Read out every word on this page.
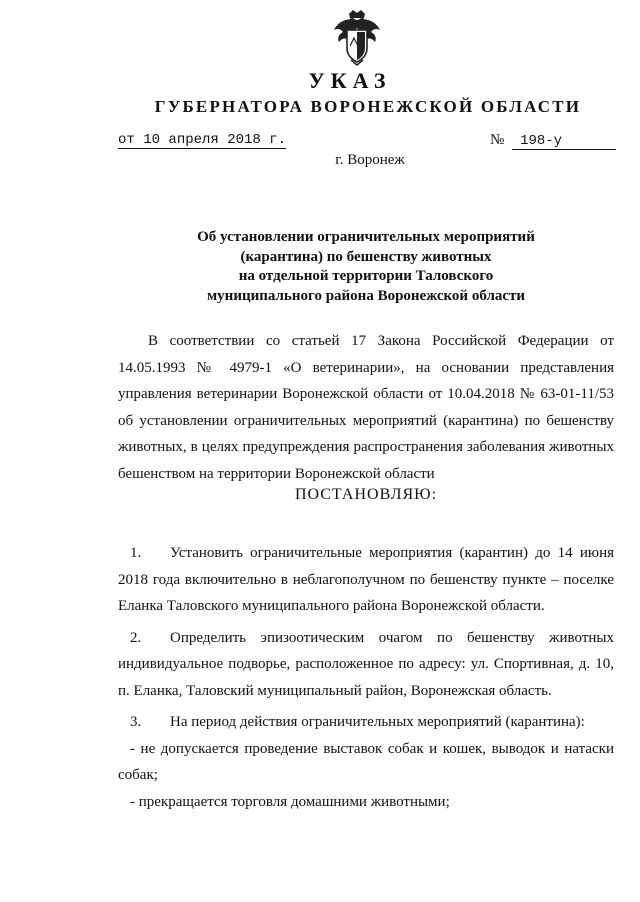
УКАЗ
ГУБЕРНАТОРА ВОРОНЕЖСКОЙ ОБЛАСТИ
от 10 апреля 2018 г.	№ 198-у
г. Воронеж
Об установлении ограничительных мероприятий
(карантина) по бешенству животных
на отдельной территории Таловского
муниципального района Воронежской области

В соответствии со статьей 17 Закона Российской Федерации от 14.05.1993 № 4979-1 «О ветеринарии», на основании представления управления ветеринарии Воронежской области от 10.04.2018 № 63-01-11/53 об установлении ограничительных мероприятий (карантина) по бешенству животных, в целях предупреждения распространения заболевания животных бешенством на территории Воронежской области

ПОСТАНОВЛЯЮ:

1. Установить ограничительные мероприятия (карантин) до 14 июня 2018 года включительно в неблагополучном по бешенству пункте – поселке Еланка Таловского муниципального района Воронежской области.

2. Определить эпизоотическим очагом по бешенству животных индивидуальное подворье, расположенное по адресу: ул. Спортивная, д. 10, п. Еланка, Таловский муниципальный район, Воронежская область.

3. На период действия ограничительных мероприятий (карантина):

- не допускается проведение выставок собак и кошек, выводок и натаски собак;

- прекращается торговля домашними животными;
